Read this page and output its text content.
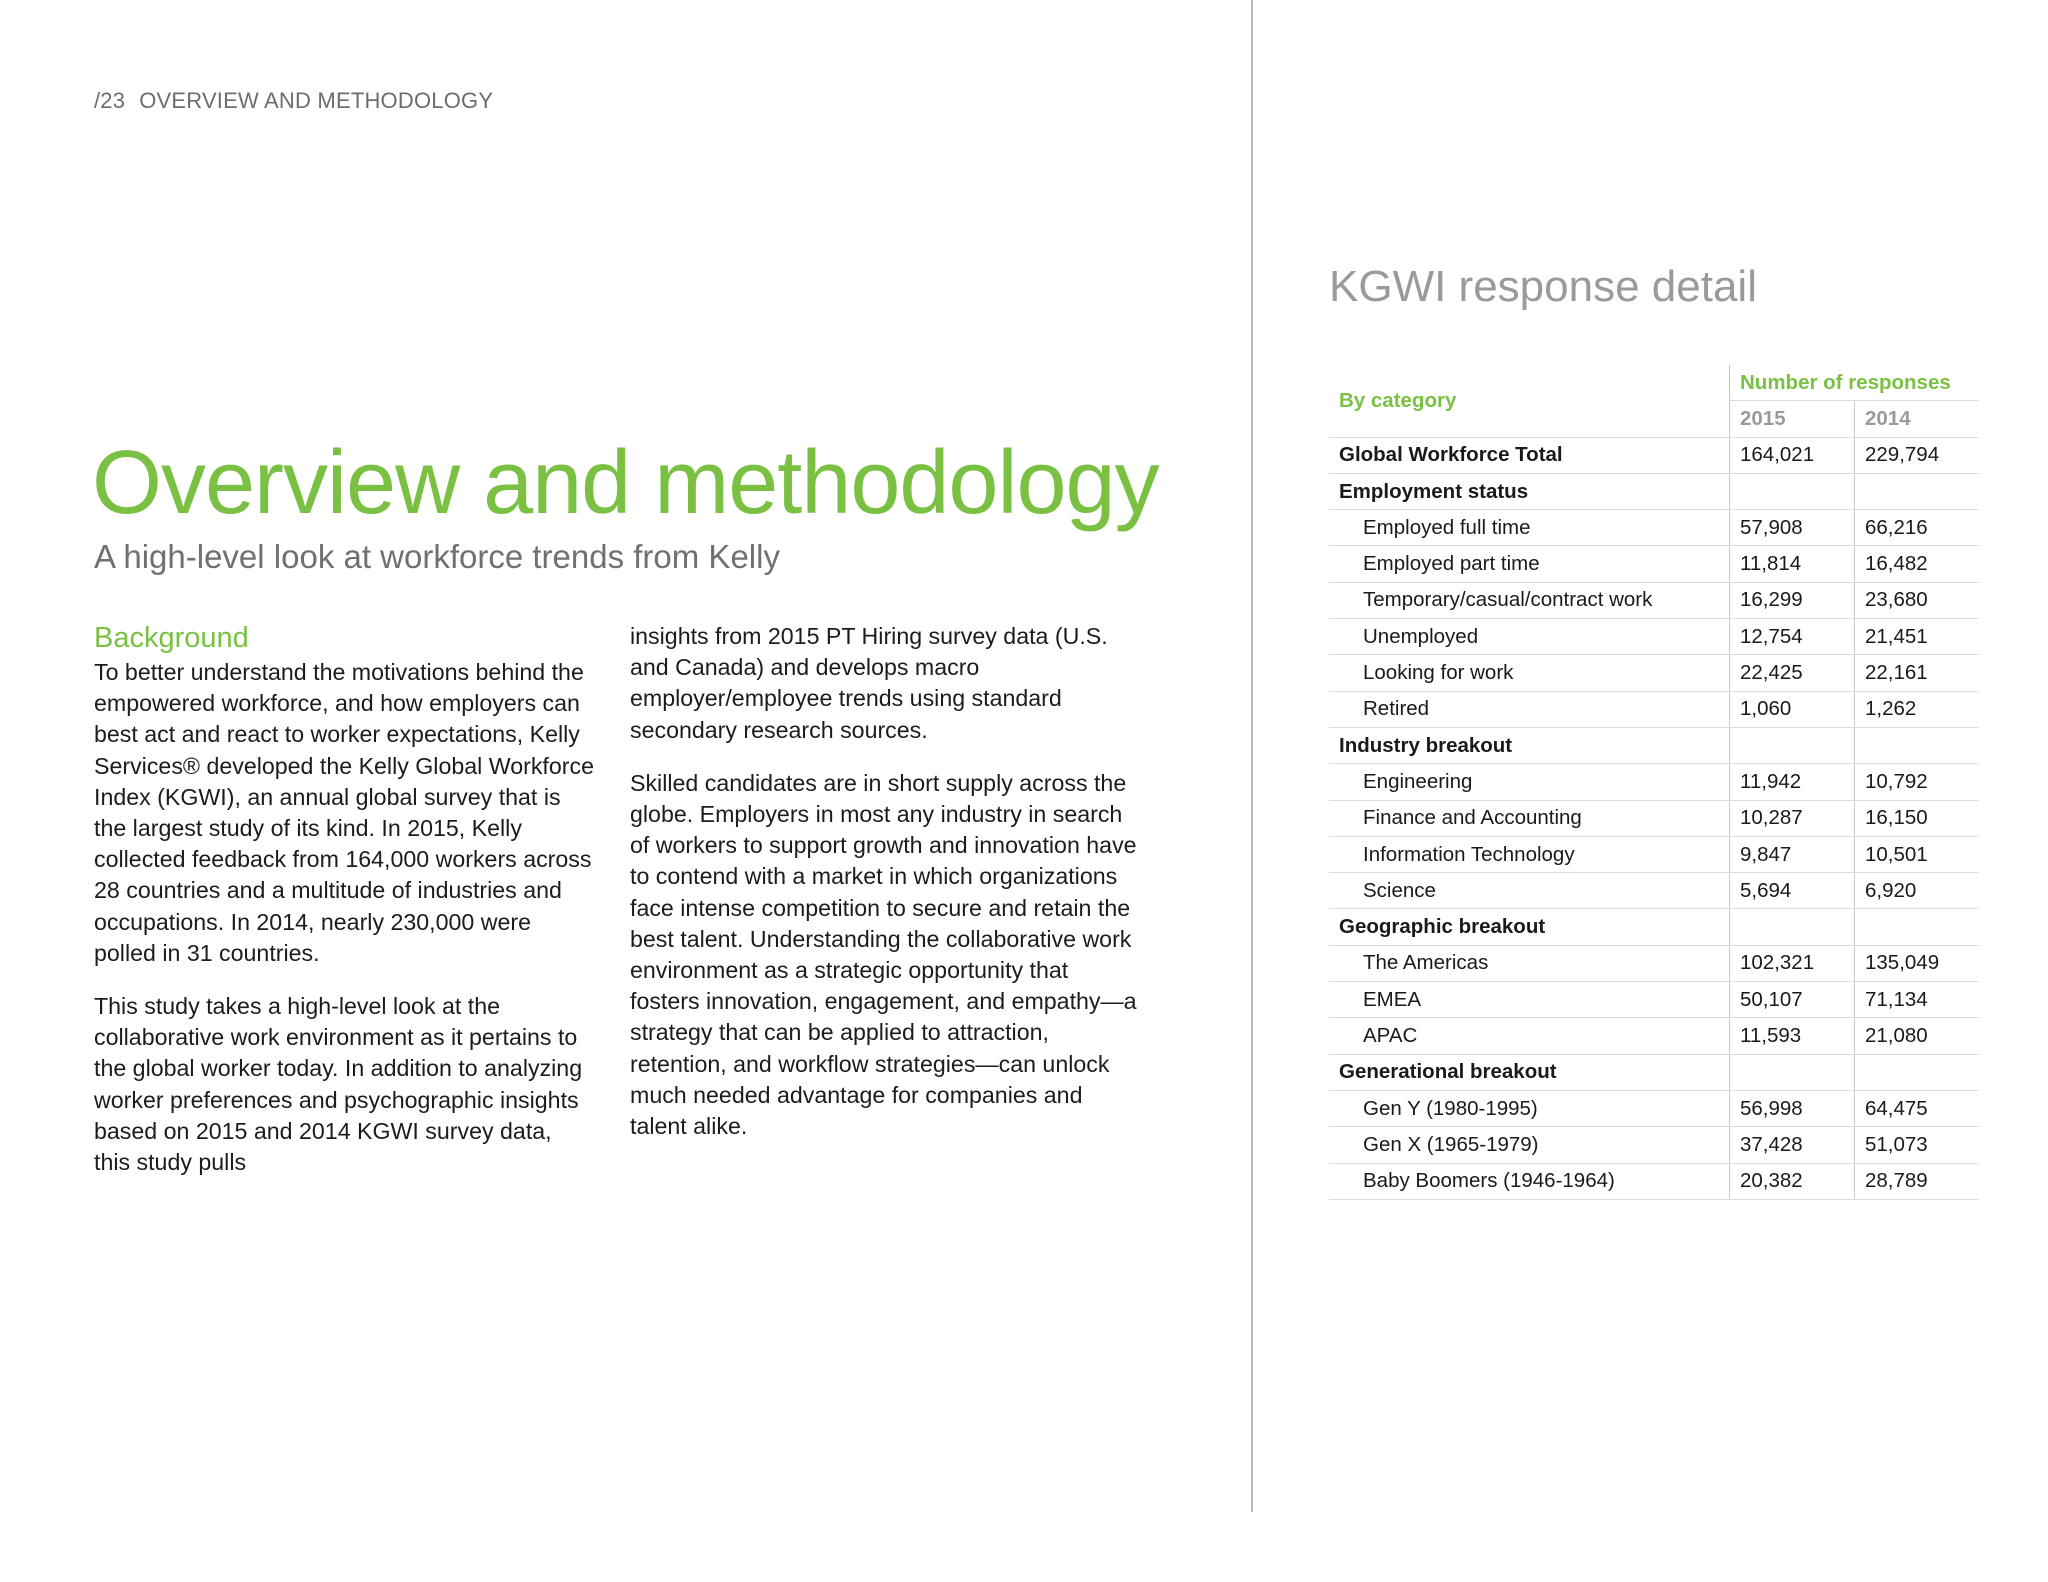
/23 OVERVIEW AND METHODOLOGY
Overview and methodology
A high-level look at workforce trends from Kelly
Background

To better understand the motivations behind the empowered workforce, and how employers can best act and react to worker expectations, Kelly Services® developed the Kelly Global Workforce Index (KGWI), an annual global survey that is the largest study of its kind. In 2015, Kelly collected feedback from 164,000 workers across 28 countries and a multitude of industries and occupations. In 2014, nearly 230,000 were polled in 31 countries.

This study takes a high-level look at the collaborative work environment as it pertains to the global worker today. In addition to analyzing worker preferences and psychographic insights based on 2015 and 2014 KGWI survey data, this study pulls

insights from 2015 PT Hiring survey data (U.S. and Canada) and develops macro employer/employee trends using standard secondary research sources.

Skilled candidates are in short supply across the globe. Employers in most any industry in search of workers to support growth and innovation have to contend with a market in which organizations face intense competition to secure and retain the best talent. Understanding the collaborative work environment as a strategic opportunity that fosters innovation, engagement, and empathy—a strategy that can be applied to attraction, retention, and workflow strategies—can unlock much needed advantage for companies and talent alike.

KGWI response detail
By category	Number of responses	
	2015	2014
Global Workforce Total	164,021	229,794
Employment status		
Employed full time	57,908	66,216
Employed part time	11,814	16,482
Temporary/casual/contract work	16,299	23,680
Unemployed	12,754	21,451
Looking for work	22,425	22,161
Retired	1,060	1,262
Industry breakout		
Engineering	11,942	10,792
Finance and Accounting	10,287	16,150
Information Technology	9,847	10,501
Science	5,694	6,920
Geographic breakout		
The Americas	102,321	135,049
EMEA	50,107	71,134
APAC	11,593	21,080
Generational breakout		
Gen Y (1980-1995)	56,998	64,475
Gen X (1965-1979)	37,428	51,073
Baby Boomers (1946-1964)	20,382	28,789
